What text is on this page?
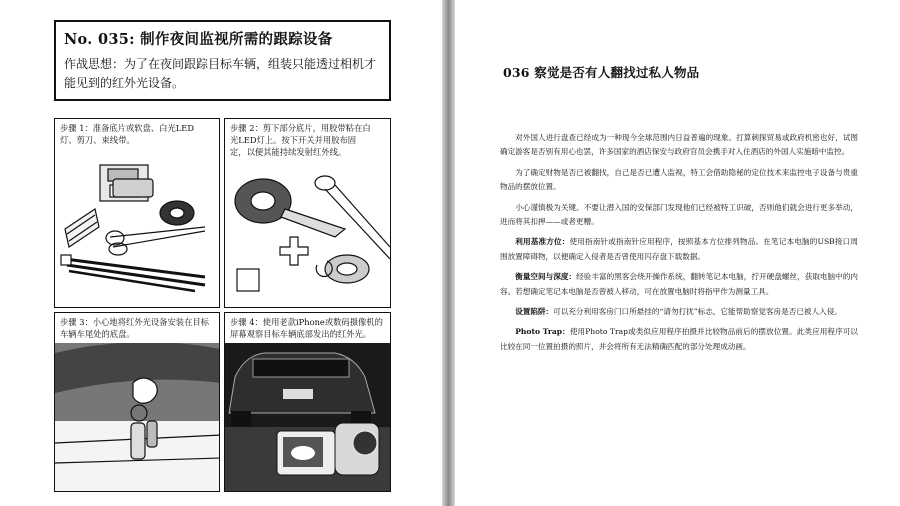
No. 035: 制作夜间监视所需的跟踪设备
作战思想：为了在夜间跟踪目标车辆，组装只能透过相机才能见到的红外光设备。
步骤 1：准备底片或软盘、白光LED灯、剪刀、束线带。
步骤 2：剪下部分底片，用胶带粘在白光LED灯上。按下开关并用胶布固定，以便其能持续发射红外线。
步骤 3：小心地将红外光设备安装在目标车辆车尾处的底盘。
步骤 4：使用老款iPhone或数码摄像机的屏幕观察目标车辆底部发出的红外光。
036 察觉是否有人翻找过私人物品

对外国人进行盘查已经成为一种现今全球范围内日益普遍的现象。打算刺探贸易或政府机密也好，试图确定游客是否别有用心也罢，许多国家的酒店保安与政府官员会携手对入住酒店的外国人实施暗中监控。

为了确定财物是否已被翻找，自己是否已遭人监视，特工会借助隐秘的定位技术来监控电子设备与贵重物品的摆放位置。

小心谨慎极为关键。不要让潜入国的安保部门发现他们已经被特工识破，否则他们就会进行更多举动，进而将其扣押——或者更糟。

利用基准方位：使用指南针或指南针应用程序，按照基本方位排列物品。在笔记本电脑的USB接口周围放置障碍物，以便确定入侵者是否曾使用闪存盘下载数据。

衡量空间与深度：经验丰富的黑客会绕开操作系统，翻转笔记本电脑，拧开硬盘螺丝，获取电脑中的内容。若想确定笔记本电脑是否曾被人移动，可在放置电脑时将指甲作为测量工具。

设置陷阱：可以充分利用客房门口所悬挂的“请勿打扰”标志，它能帮助察觉客房是否已被人入侵。

Photo Trap：使用Photo Trap或类似应用程序拍摄并比较物品前后的摆放位置。此类应用程序可以比较在同一位置拍摄的照片，并会将所有无法精确匹配的部分处理成动画。
